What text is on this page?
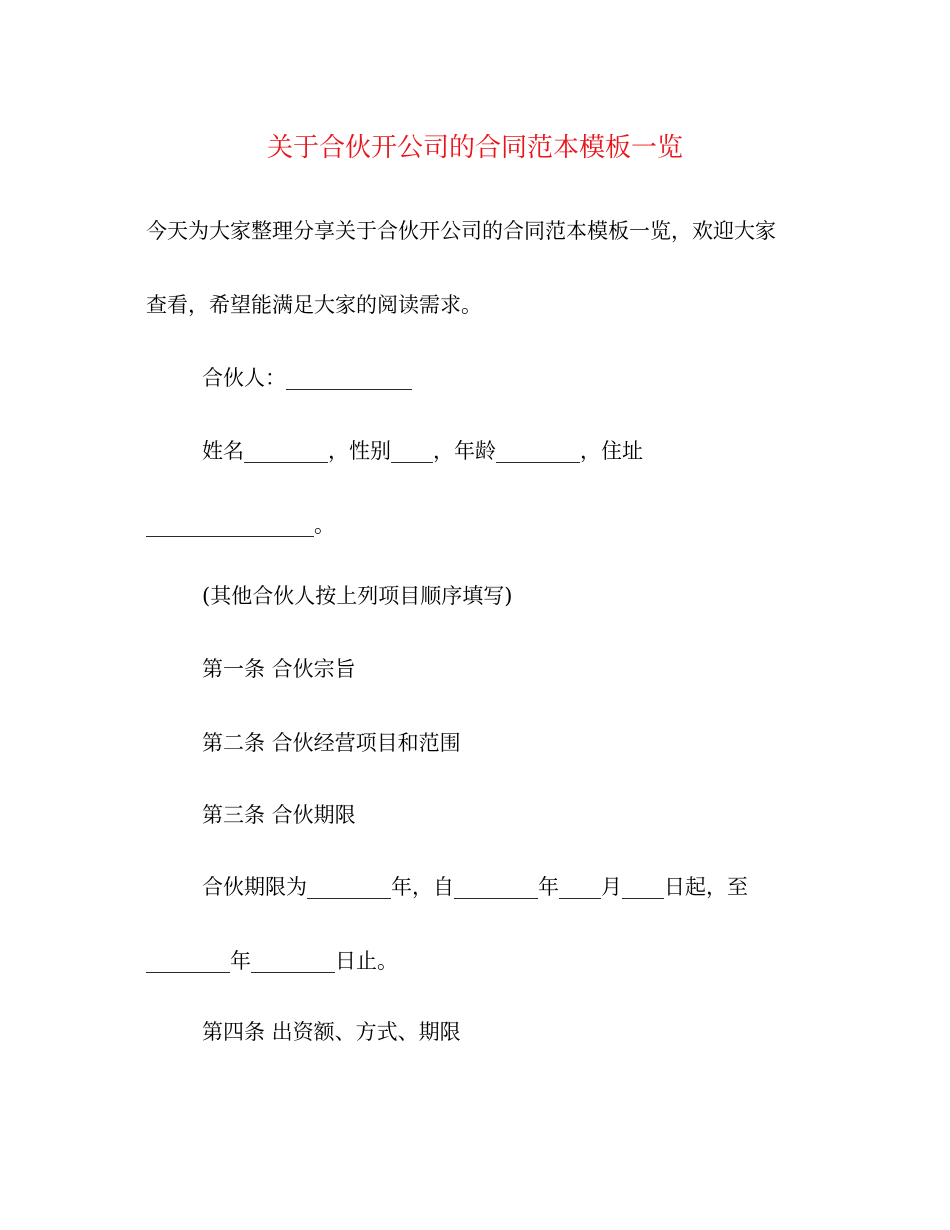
关于合伙开公司的合同范本模板一览
今天为大家整理分享关于合伙开公司的合同范本模板一览，欢迎大家
查看，希望能满足大家的阅读需求。
合伙人：____________
姓名________，性别____，年龄________，住址
________________。
(其他合伙人按上列项目顺序填写)
第一条 合伙宗旨
第二条 合伙经营项目和范围
第三条 合伙期限
合伙期限为________年，自________年____月____日起，至
________年________日止。
第四条 出资额、方式、期限
